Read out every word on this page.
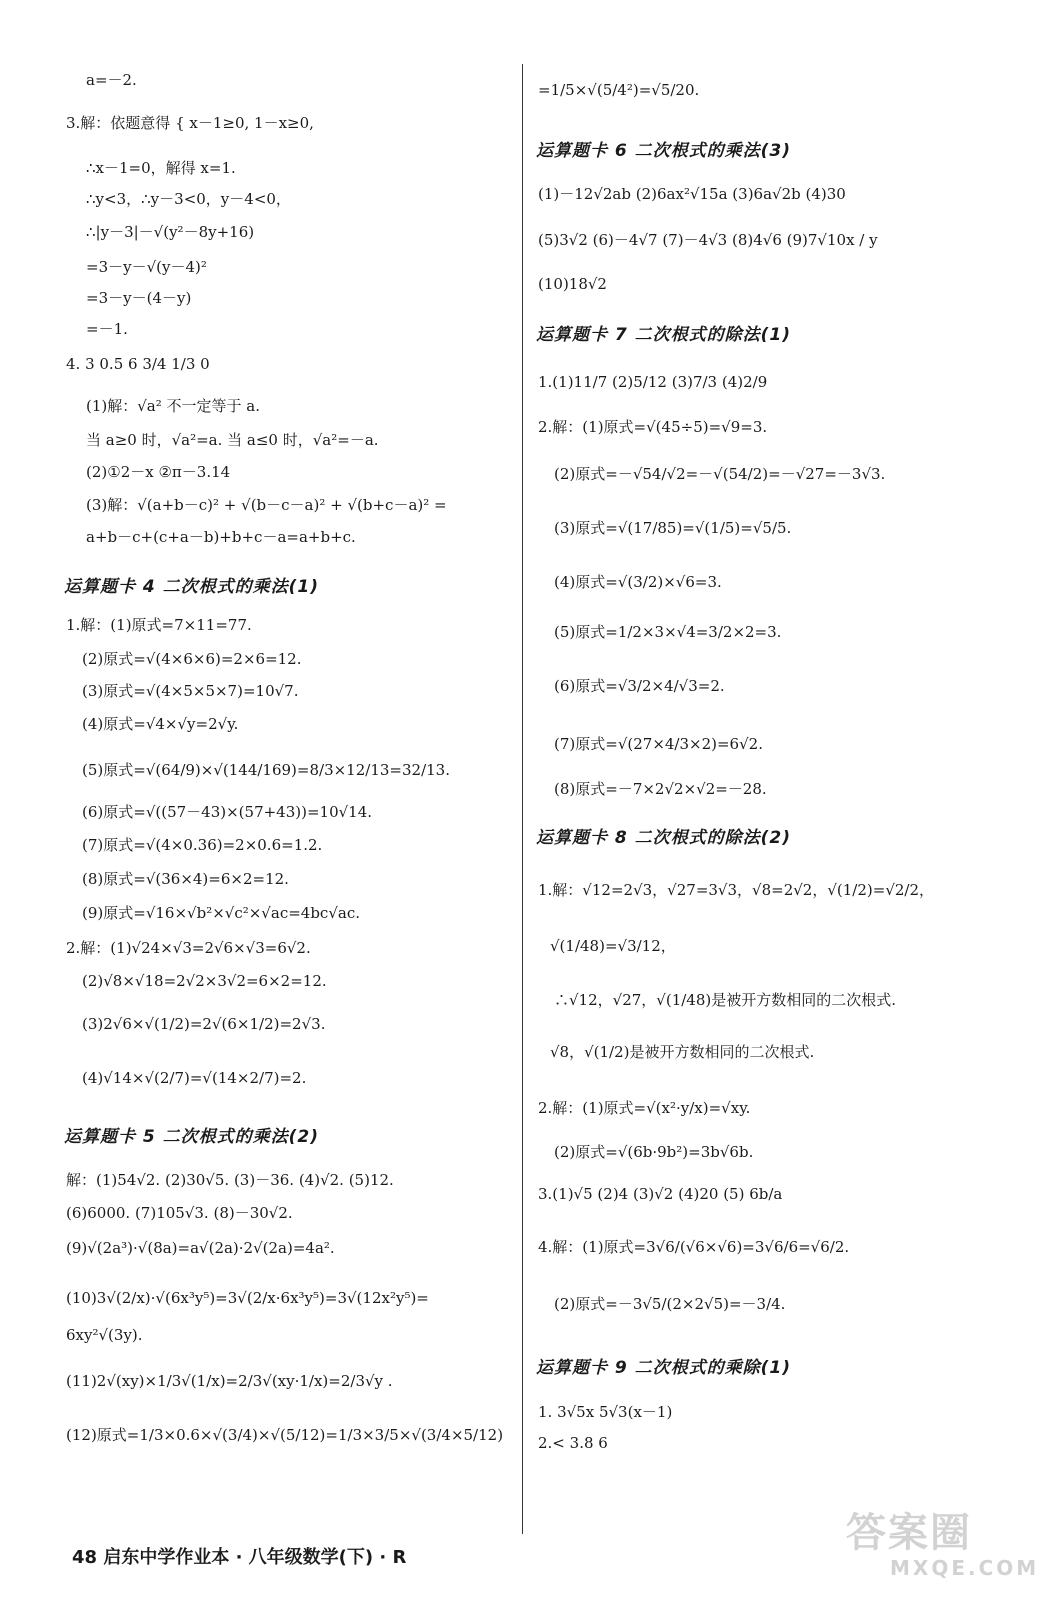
a=－2.
3.解：依题意得 { x－1≥0, 1－x≥0,
∴x－1=0，解得 x=1.
∴y<3，∴y－3<0，y－4<0，
∴|y－3|－√(y²－8y+16)
=3－y－√(y－4)²
=3－y－(4－y)
=－1.
4. 3 0.5 6 3/4 1/3 0
(1)解：√a² 不一定等于 a.
当 a≥0 时，√a²=a. 当 a≤0 时，√a²=－a.
(2)①2－x ②π－3.14
(3)解：√(a+b－c)² + √(b－c－a)² + √(b+c－a)² =
a+b－c+(c+a－b)+b+c－a=a+b+c.
运算题卡 4 二次根式的乘法(1)
1.解：(1)原式=7×11=77.
(2)原式=√(4×6×6)=2×6=12.
(3)原式=√(4×5×5×7)=10√7.
(4)原式=√4×√y=2√y.
(5)原式=√(64/9)×√(144/169)=8/3×12/13=32/13.
(6)原式=√((57－43)×(57+43))=10√14.
(7)原式=√(4×0.36)=2×0.6=1.2.
(8)原式=√(36×4)=6×2=12.
(9)原式=√16×√b²×√c²×√ac=4bc√ac.
2.解：(1)√24×√3=2√6×√3=6√2.
(2)√8×√18=2√2×3√2=6×2=12.
(3)2√6×√(1/2)=2√(6×1/2)=2√3.
(4)√14×√(2/7)=√(14×2/7)=2.
运算题卡 5 二次根式的乘法(2)
解：(1)54√2. (2)30√5. (3)－36. (4)√2. (5)12.
(6)6000. (7)105√3. (8)－30√2.
(9)√(2a³)·√(8a)=a√(2a)·2√(2a)=4a².
(10)3√(2/x)·√(6x³y⁵)=3√(2/x·6x³y⁵)=3√(12x²y⁵)=
6xy²√(3y).
(11)2√(xy)×1/3√(1/x)=2/3√(xy·1/x)=2/3√y .
(12)原式=1/3×0.6×√(3/4)×√(5/12)=1/3×3/5×√(3/4×5/12)
=1/5×√(5/4²)=√5/20.
运算题卡 6 二次根式的乘法(3)
(1)－12√2ab (2)6ax²√15a (3)6a√2b (4)30
(5)3√2 (6)－4√7 (7)－4√3 (8)4√6 (9)7√10x / y
(10)18√2
运算题卡 7 二次根式的除法(1)
1.(1)11/7 (2)5/12 (3)7/3 (4)2/9
2.解：(1)原式=√(45÷5)=√9=3.
(2)原式=－√54/√2=－√(54/2)=－√27=－3√3.
(3)原式=√(17/85)=√(1/5)=√5/5.
(4)原式=√(3/2)×√6=3.
(5)原式=1/2×3×√4=3/2×2=3.
(6)原式=√3/2×4/√3=2.
(7)原式=√(27×4/3×2)=6√2.
(8)原式=－7×2√2×√2=－28.
运算题卡 8 二次根式的除法(2)
1.解：√12=2√3，√27=3√3，√8=2√2，√(1/2)=√2/2，
√(1/48)=√3/12，
∴√12，√27，√(1/48)是被开方数相同的二次根式.
√8，√(1/2)是被开方数相同的二次根式.
2.解：(1)原式=√(x²·y/x)=√xy.
(2)原式=√(6b·9b²)=3b√6b.
3.(1)√5 (2)4 (3)√2 (4)20 (5) 6b/a
4.解：(1)原式=3√6/(√6×√6)=3√6/6=√6/2.
(2)原式=－3√5/(2×2√5)=－3/4.
运算题卡 9 二次根式的乘除(1)
1. 3√5x 5√3(x－1)
2.< 3.8 6
48 启东中学作业本 · 八年级数学(下) · R
答案圈
MXQE.COM
